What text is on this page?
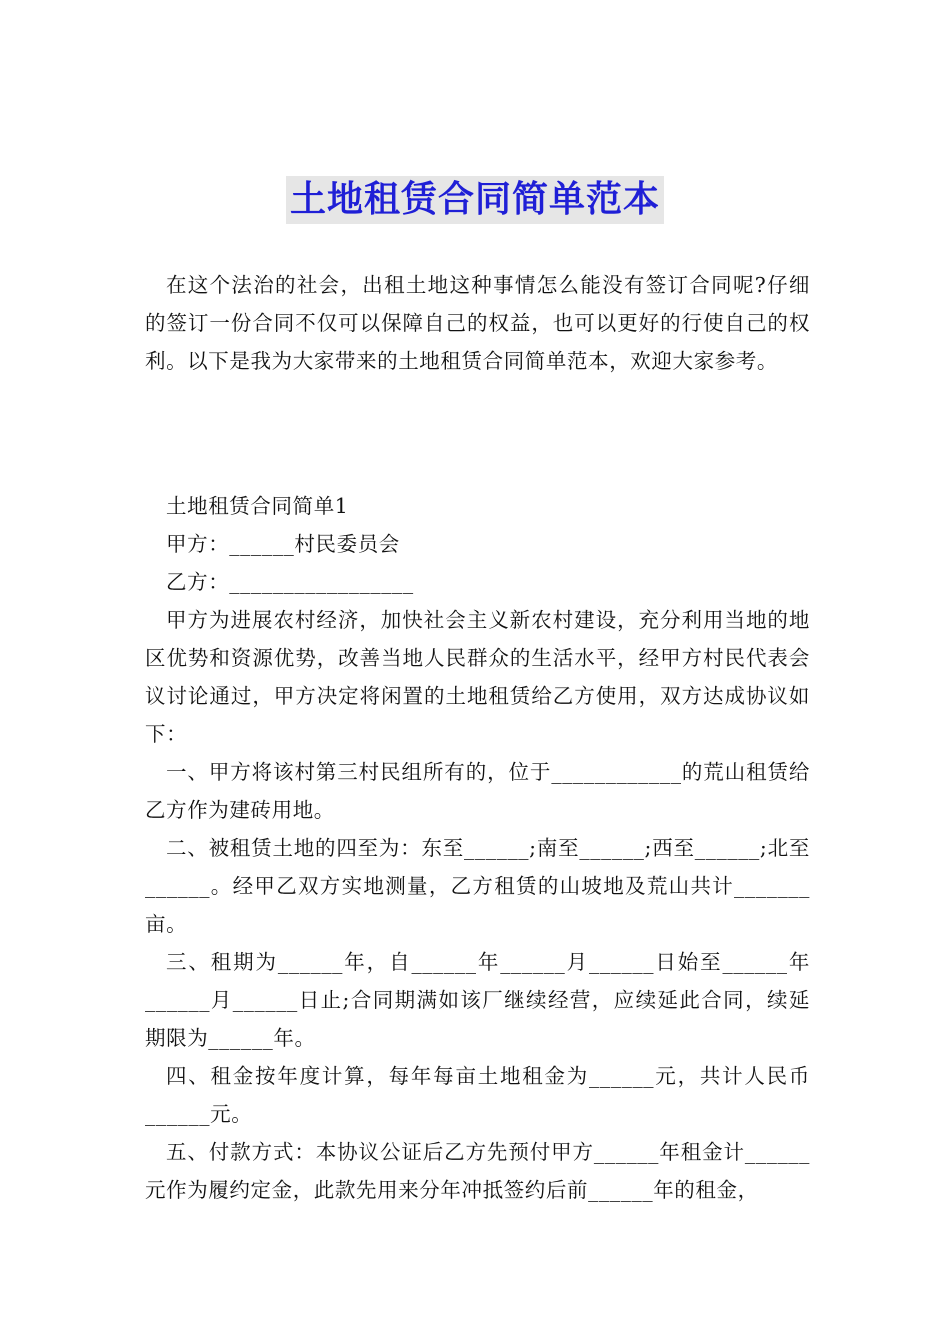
土地租赁合同简单范本

在这个法治的社会，出租土地这种事情怎么能没有签订合同呢?仔细的签订一份合同不仅可以保障自己的权益，也可以更好的行使自己的权利。以下是我为大家带来的土地租赁合同简单范本，欢迎大家参考。

土地租赁合同简单1

甲方：______村民委员会

乙方：_________________

甲方为进展农村经济，加快社会主义新农村建设，充分利用当地的地区优势和资源优势，改善当地人民群众的生活水平，经甲方村民代表会议讨论通过，甲方决定将闲置的土地租赁给乙方使用，双方达成协议如下：

一、甲方将该村第三村民组所有的，位于____________的荒山租赁给乙方作为建砖用地。

二、被租赁土地的四至为：东至______;南至______;西至______;北至______。经甲乙双方实地测量，乙方租赁的山坡地及荒山共计_______亩。

三、租期为______年，自______年______月______日始至______年______月______日止;合同期满如该厂继续经营，应续延此合同，续延期限为______年。

四、租金按年度计算，每年每亩土地租金为______元，共计人民币______元。

五、付款方式：本协议公证后乙方先预付甲方______年租金计______元作为履约定金，此款先用来分年冲抵签约后前______年的租金，
